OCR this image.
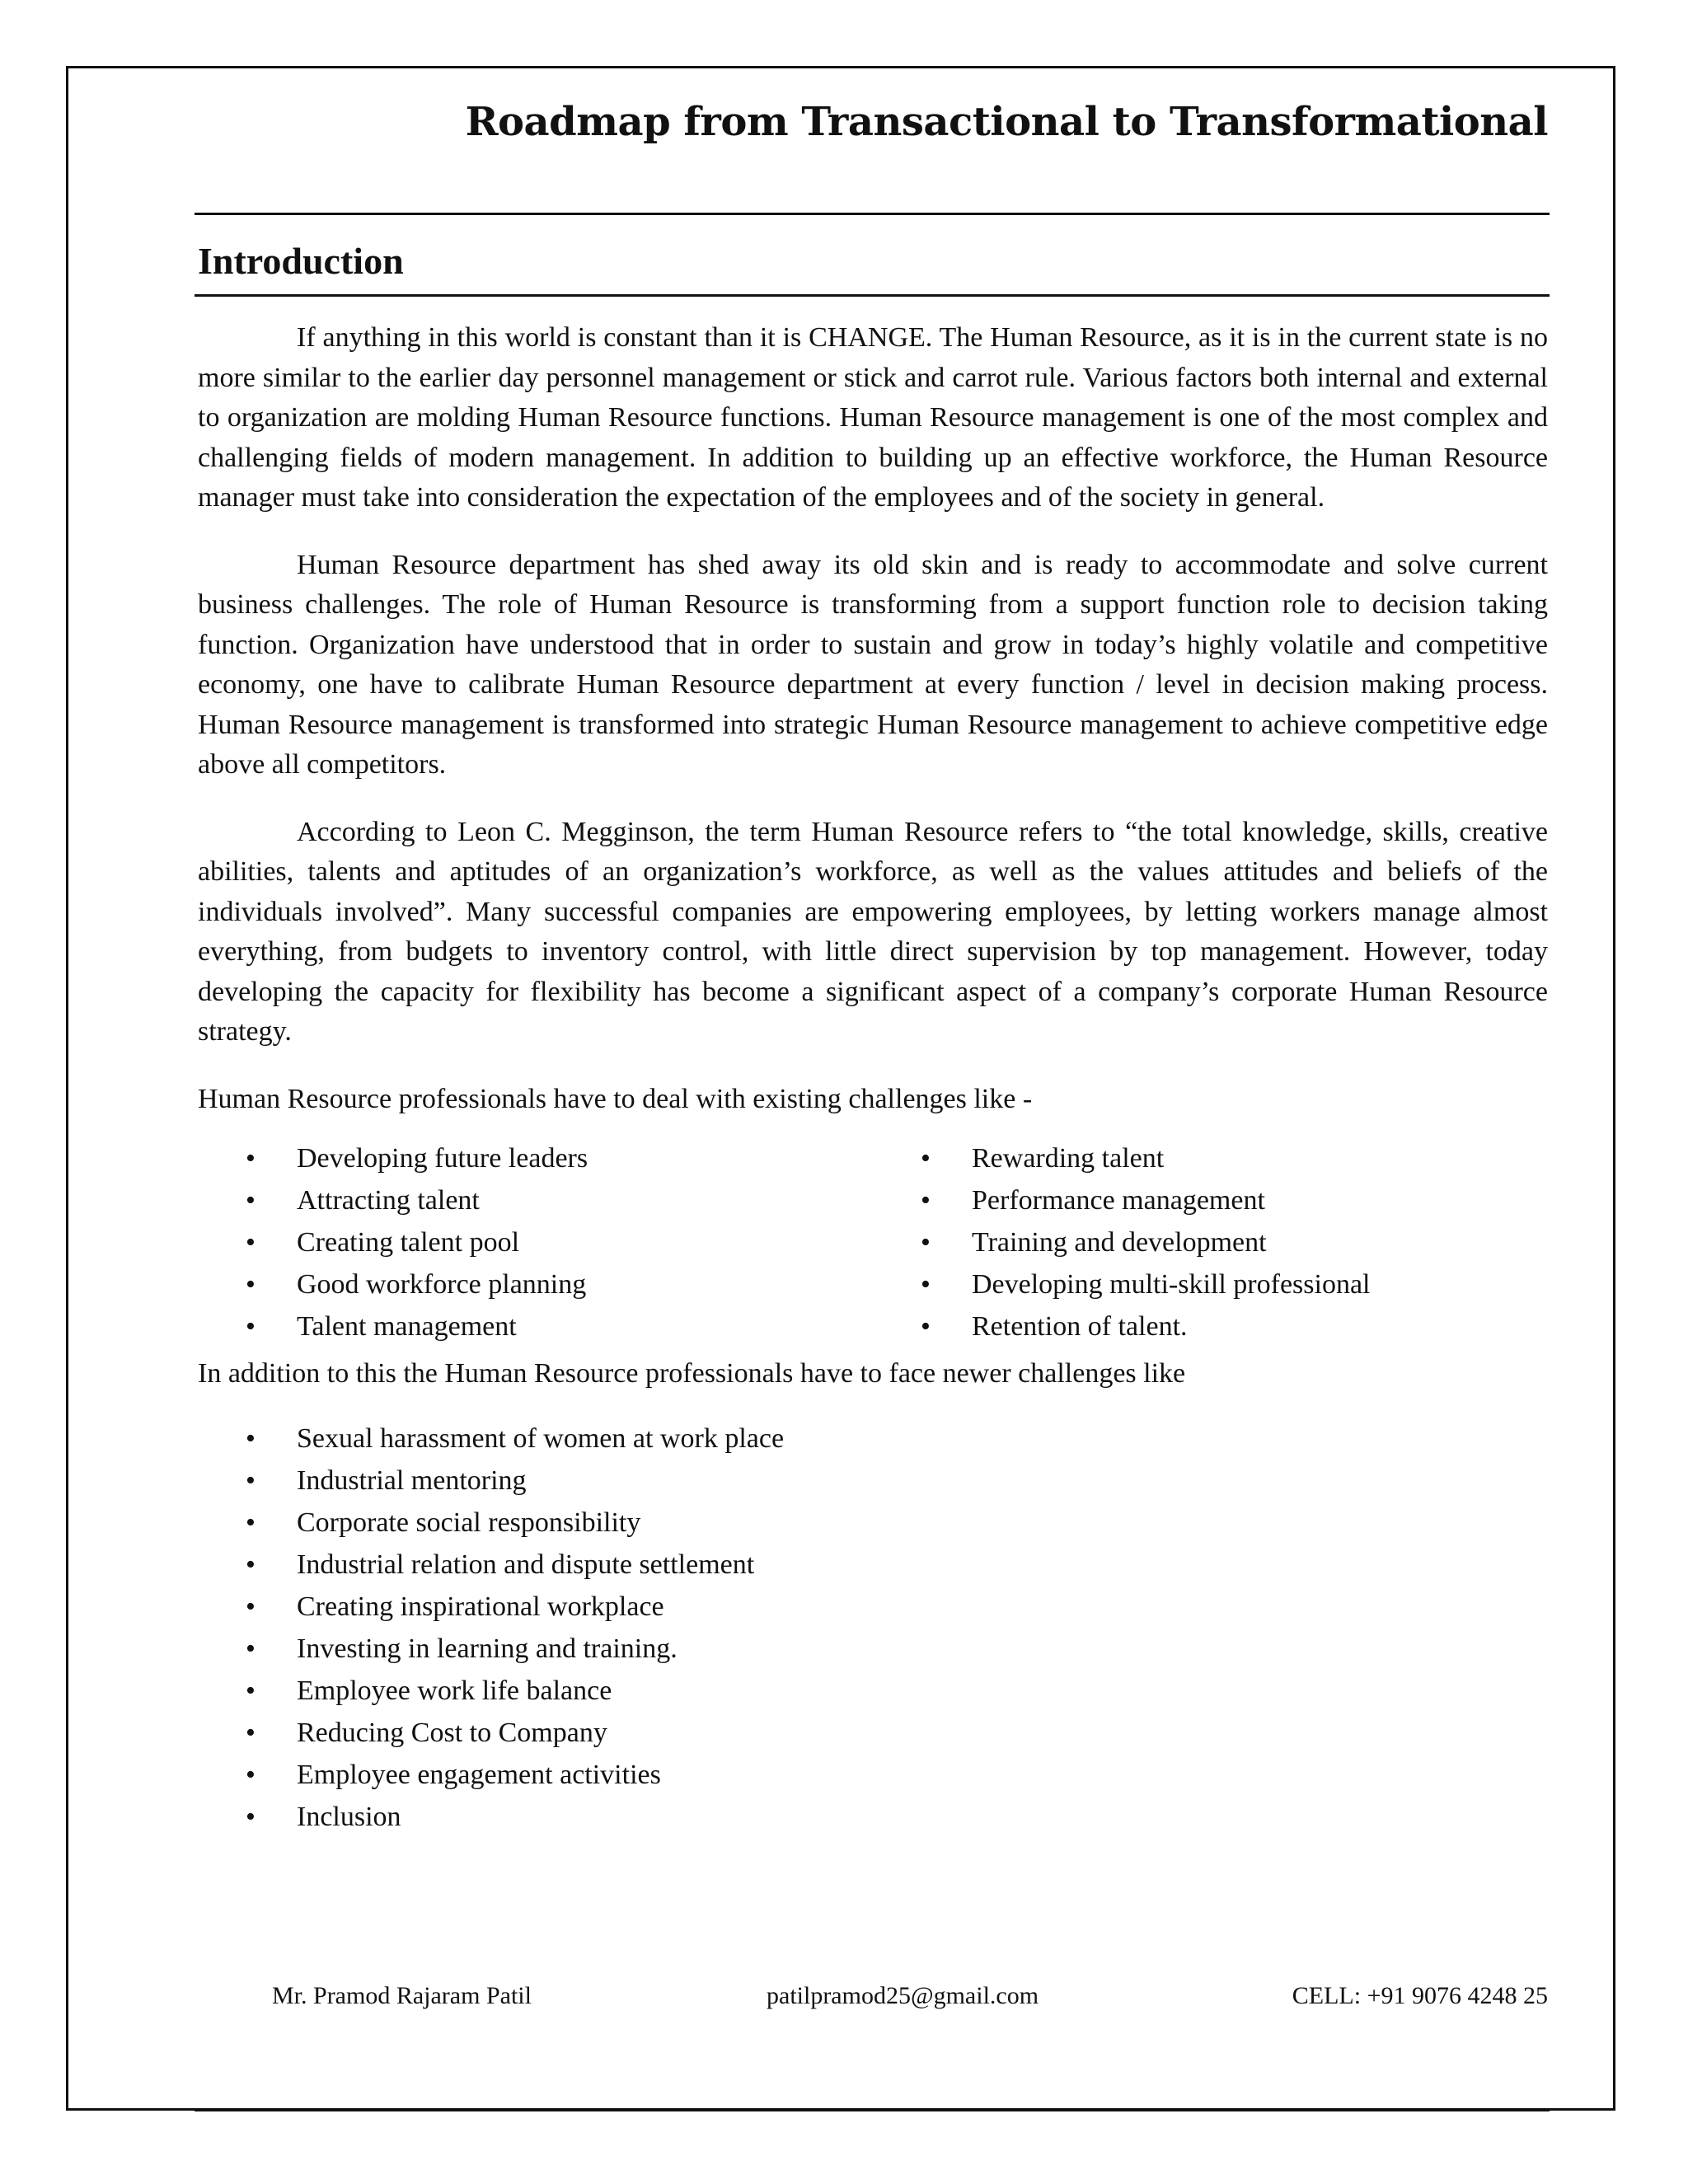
Roadmap from Transactional to Transformational
Introduction

If anything in this world is constant than it is CHANGE. The Human Resource, as it is in the current state is no more similar to the earlier day personnel management or stick and carrot rule. Various factors both internal and external to organization are molding Human Resource functions. Human Resource management is one of the most complex and challenging fields of modern management. In addition to building up an effective workforce, the Human Resource manager must take into consideration the expectation of the employees and of the society in general.

Human Resource department has shed away its old skin and is ready to accommodate and solve current business challenges. The role of Human Resource is transforming from a support function role to decision taking function. Organization have understood that in order to sustain and grow in today’s highly volatile and competitive economy, one have to calibrate Human Resource department at every function / level in decision making process. Human Resource management is transformed into strategic Human Resource management to achieve competitive edge above all competitors.

According to Leon C. Megginson, the term Human Resource refers to “the total knowledge, skills, creative abilities, talents and aptitudes of an organization’s workforce, as well as the values attitudes and beliefs of the individuals involved”. Many successful companies are empowering employees, by letting workers manage almost everything, from budgets to inventory control, with little direct supervision by top management. However, today developing the capacity for flexibility has become a significant aspect of a company’s corporate Human Resource strategy.

Human Resource professionals have to deal with existing challenges like -

• Developing future leaders
• Attracting talent
• Creating talent pool
• Good workforce planning
• Talent management
• Rewarding talent
• Performance management
• Training and development
• Developing multi-skill professional
• Retention of talent.

In addition to this the Human Resource professionals have to face newer challenges like

• Sexual harassment of women at work place
• Industrial mentoring
• Corporate social responsibility
• Industrial relation and dispute settlement
• Creating inspirational workplace
• Investing in learning and training.
• Employee work life balance
• Reducing Cost to Company
• Employee engagement activities
• Inclusion
Mr. Pramod Rajaram Patil	patilpramod25@gmail.com	CELL: +91 9076 4248 25
